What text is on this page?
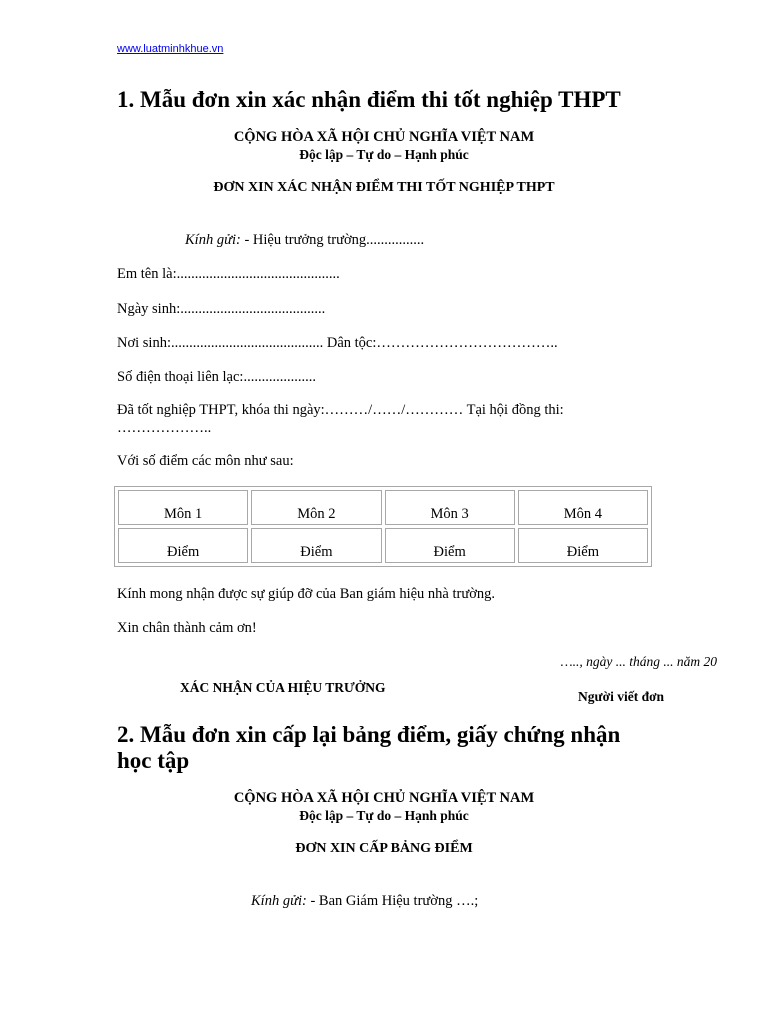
www.luatminhkhue.vn
1. Mẫu đơn xin xác nhận điểm thi tốt nghiệp THPT
CỘNG HÒA XÃ HỘI CHỦ NGHĨA VIỆT NAM
Độc lập – Tự do – Hạnh phúc
ĐƠN XIN XÁC NHẬN ĐIỂM THI TỐT NGHIỆP THPT
Kính gửi: - Hiệu trưởng trường................
Em tên là:.............................................
Ngày sinh:........................................
Nơi sinh:.......................................... Dân tộc:………………………………..
Số điện thoại liên lạc:....................
Đã tốt nghiệp THPT, khóa thi ngày:………/……/………… Tại hội đồng thi:
………………..
Với số điểm các môn như sau:
Môn 1	Môn 2	Môn 3	Môn 4
Điểm	Điểm	Điểm	Điểm
Kính mong nhận được sự giúp đỡ của Ban giám hiệu nhà trường.
Xin chân thành cảm ơn!
….., ngày ... tháng ... năm 20
XÁC NHẬN CỦA HIỆU TRƯỞNG
Người viết đơn
2. Mẫu đơn xin cấp lại bảng điểm, giấy chứng nhận
học tập
CỘNG HÒA XÃ HỘI CHỦ NGHĨA VIỆT NAM
Độc lập – Tự do – Hạnh phúc
ĐƠN XIN CẤP BẢNG ĐIỂM
Kính gửi: - Ban Giám Hiệu trường ….;
